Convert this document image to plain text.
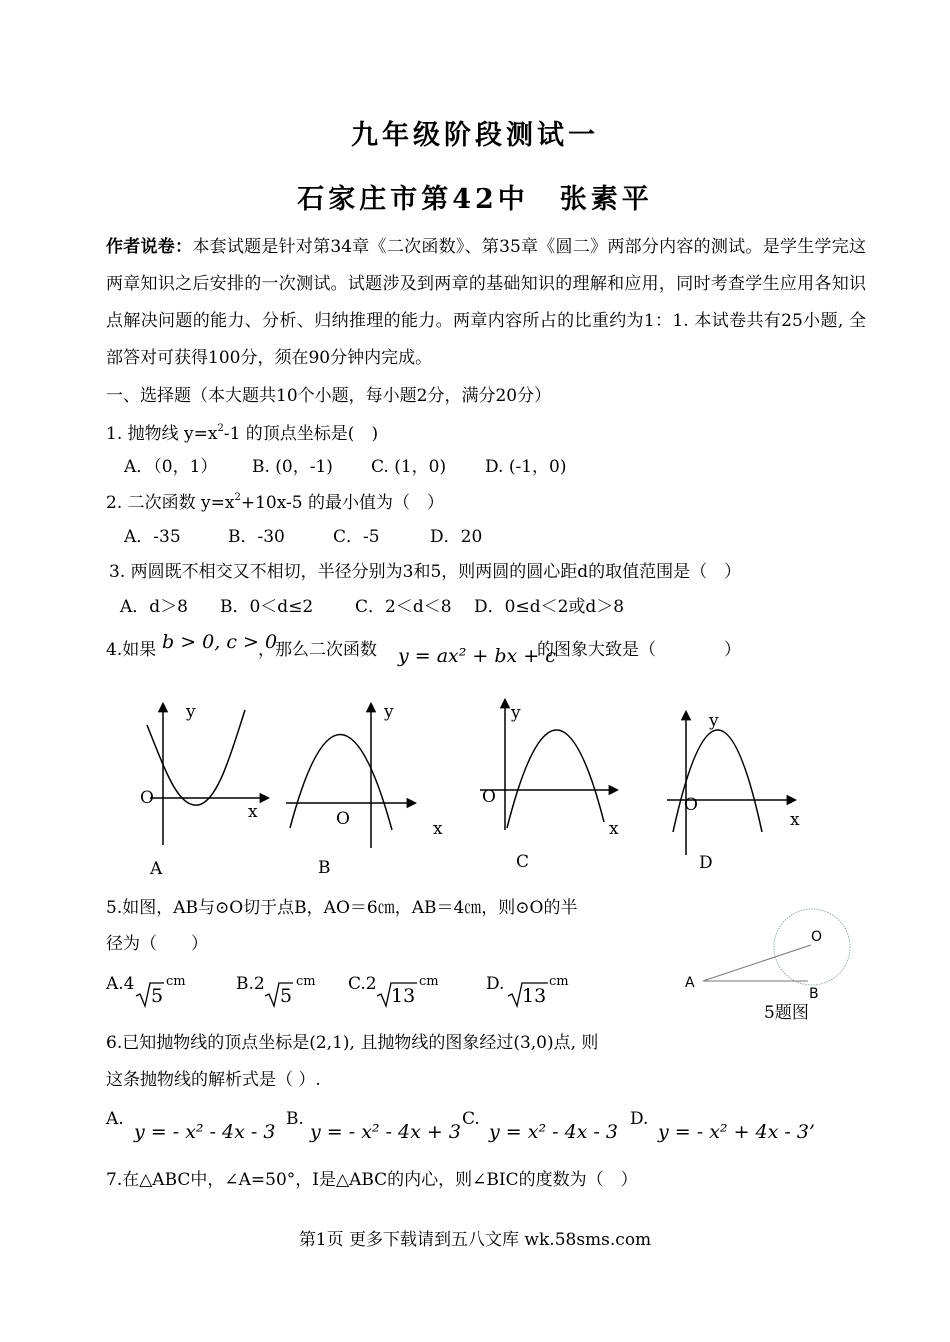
九年级阶段测试一
石家庄市第42中　张素平
作者说卷：本套试题是针对第34章《二次函数》、第35章《圆二》两部分内容的测试。是学生学完这两章知识之后安排的一次测试。试题涉及到两章的基础知识的理解和应用，同时考查学生应用各知识点解决问题的能力、分析、归纳推理的能力。两章内容所占的比重约为1：1. 本试卷共有25小题, 全部答对可获得100分，须在90分钟内完成。
一、选择题（本大题共10个小题，每小题2分，满分20分）
1. 抛物线 $y=x^2-1$ 的顶点坐标是(　)
A．（0，1） B. (0，-1) C. (1，0) D. (-1，0)
2. 二次函数 $y=x^2+10x-5$ 的最小值为（　）
A．-35	B．-30	C．-5	D．20
3. 两圆既不相交又不相切，半径分别为3和5，则两圆的圆心距d的取值范围是（　）
A．d＞8 B．0＜d≤2 C．2＜d＜8 D．0≤d＜2或d＞8
4.如果 b > 0, c > 0
，那么二次函数 y = ax² + bx + c
的图象大致是（　　　　）
y
O
x
A
y
O	x
B
y
O
x
C
y
O
x
D
5.如图，AB与⊙O切于点B，AO＝6㎝，AB＝4㎝，则⊙O的半
径为（　　）
A.4
5
cm	B.2
5
cm C.2
13
cm	D.
13
cm
O
A
B
5题图
6.已知抛物线的顶点坐标是(2,1), 且抛物线的图象经过(3,0)点, 则
这条抛物线的解析式是（ ）.
A.
y = - x² - 4x - 3
B.
y = - x² - 4x + 3
C.
y = x² - 4x - 3
D.
y = - x² + 4x - 3’
7.在△ABC中，∠A=50°，I是△ABC的内心，则∠BIC的度数为（　）
第1页 更多下载请到五八文库 wk.58sms.com
